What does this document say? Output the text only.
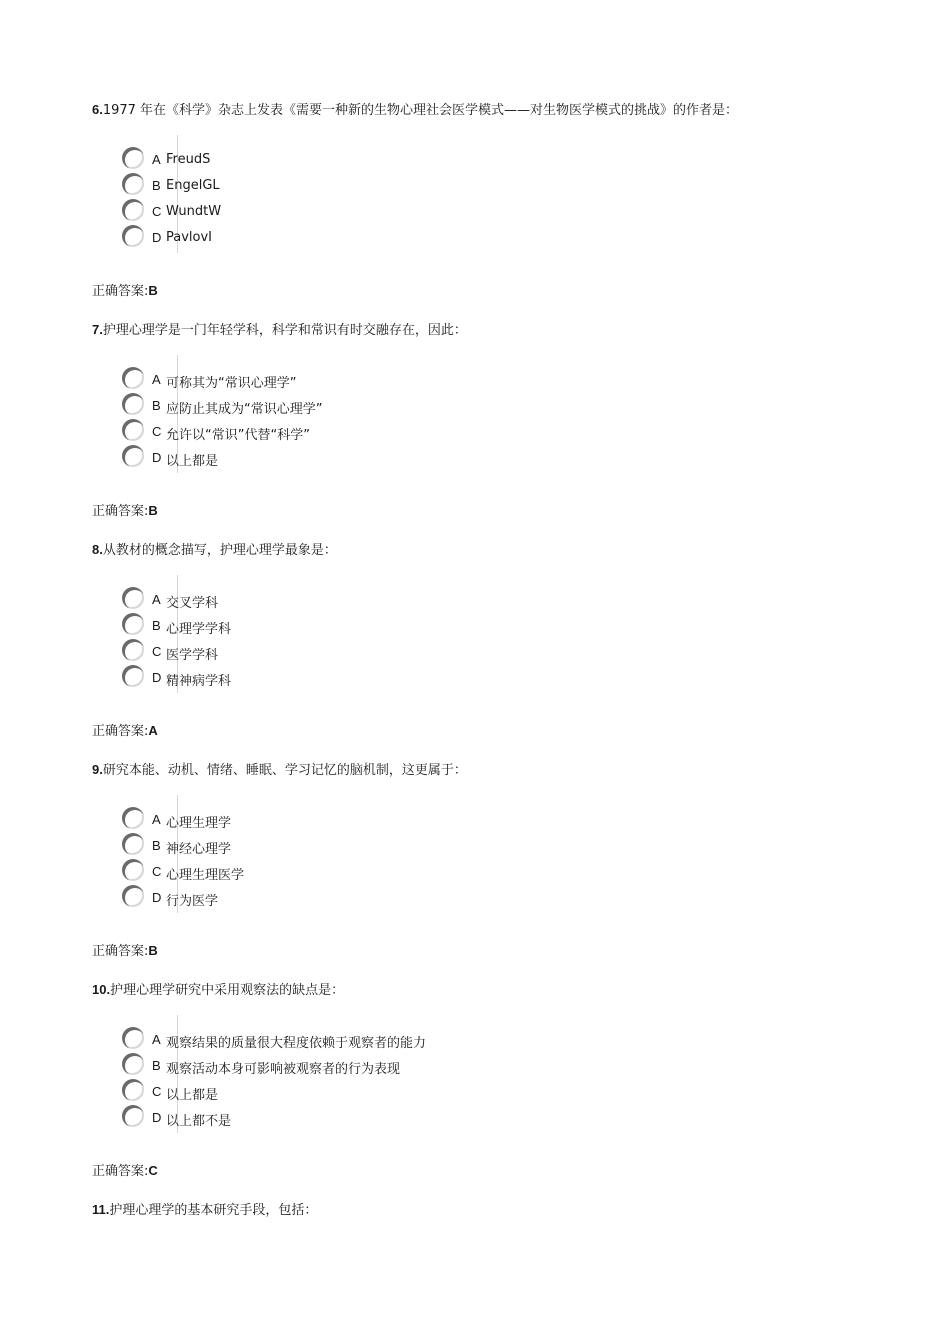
6.1977 年在《科学》杂志上发表《需要一种新的生物心理社会医学模式——对生物医学模式的挑战》的作者是：

A FreudS
B EngelGL
C WundtW
D PavlovI
正确答案:B

7.护理心理学是一门年轻学科，科学和常识有时交融存在，因此：

A 可称其为“常识心理学”
B 应防止其成为“常识心理学”
C 允许以“常识”代替“科学”
D 以上都是
正确答案:B

8.从教材的概念描写，护理心理学最象是：

A 交叉学科
B 心理学学科
C 医学学科
D 精神病学科
正确答案:A

9.研究本能、动机、情绪、睡眠、学习记忆的脑机制，这更属于：

A 心理生理学
B 神经心理学
C 心理生理医学
D 行为医学
正确答案:B

10.护理心理学研究中采用观察法的缺点是：

A 观察结果的质量很大程度依赖于观察者的能力
B 观察活动本身可影响被观察者的行为表现
C 以上都是
D 以上都不是
正确答案:C

11.护理心理学的基本研究手段，包括：
